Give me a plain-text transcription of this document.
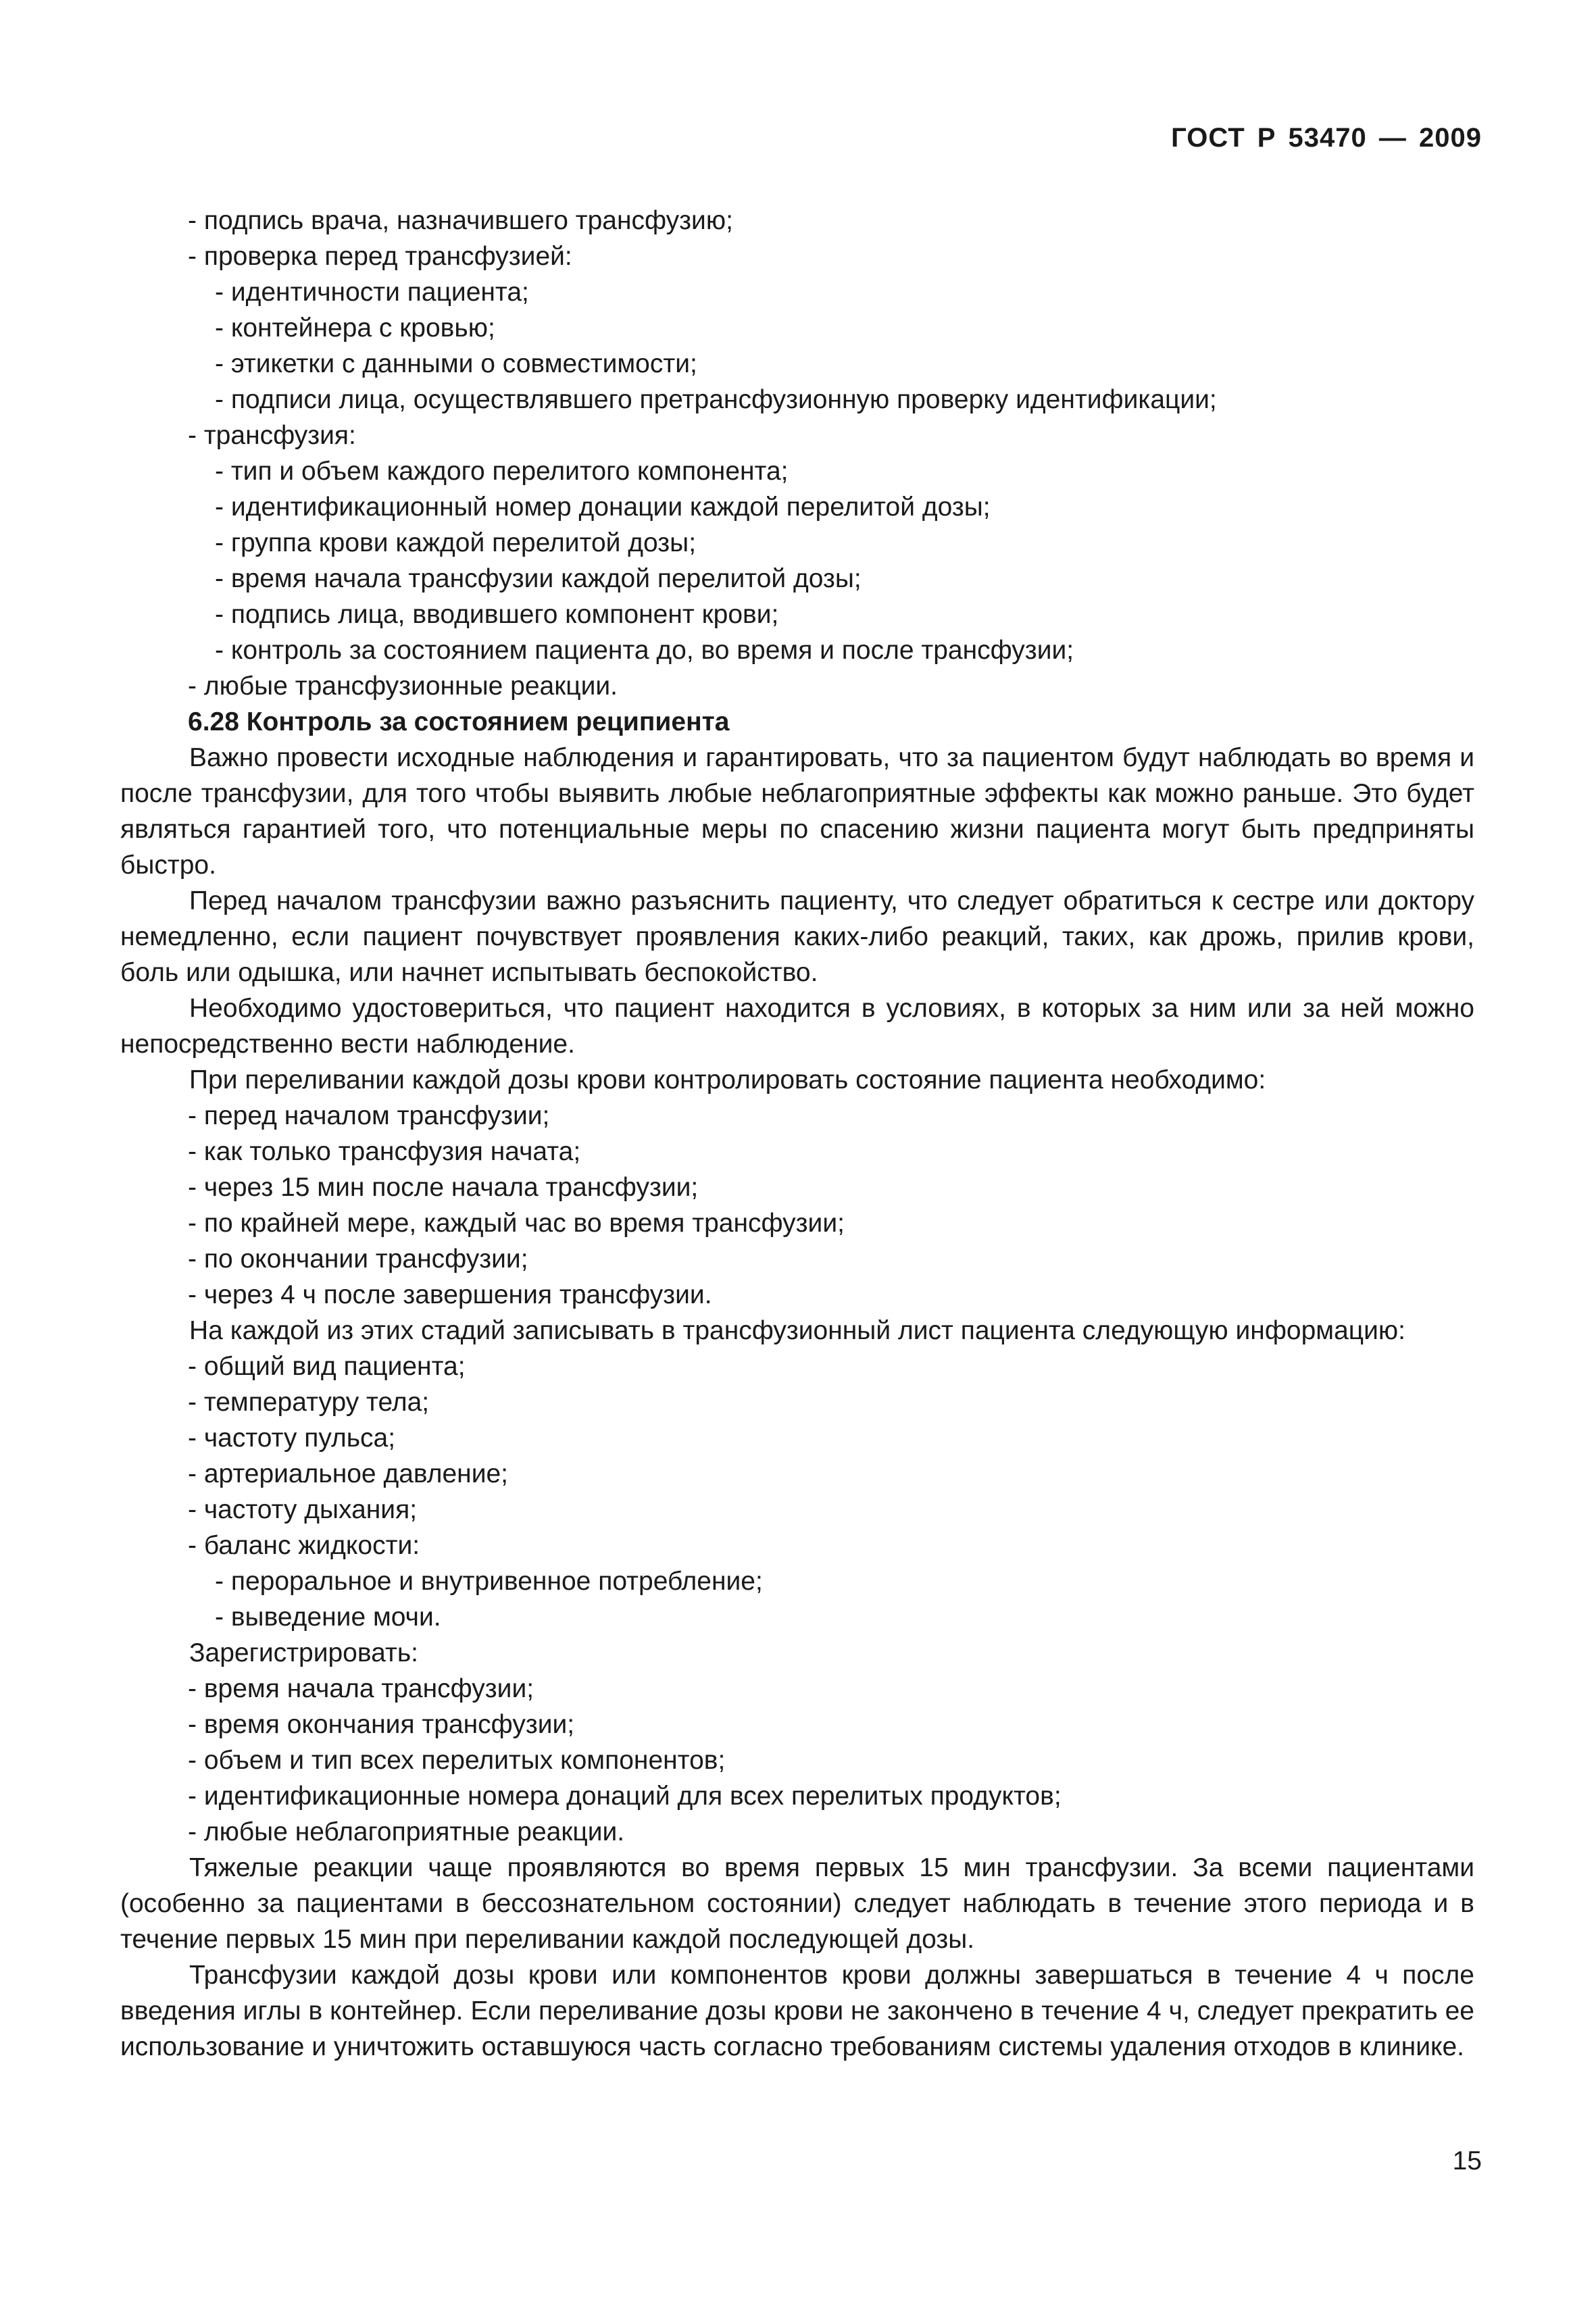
ГОСТ Р 53470 — 2009
- подпись врача, назначившего трансфузию;
- проверка перед трансфузией:
- идентичности пациента;
- контейнера с кровью;
- этикетки с данными о совместимости;
- подписи лица, осуществлявшего претрансфузионную проверку идентификации;
- трансфузия:
- тип и объем каждого перелитого компонента;
- идентификационный номер донации каждой перелитой дозы;
- группа крови каждой перелитой дозы;
- время начала трансфузии каждой перелитой дозы;
- подпись лица, вводившего компонент крови;
- контроль за состоянием пациента до, во время и после трансфузии;
- любые трансфузионные реакции.
6.28 Контроль за состоянием реципиента
Важно провести исходные наблюдения и гарантировать, что за пациентом будут наблюдать во время и после трансфузии, для того чтобы выявить любые неблагоприятные эффекты как можно раньше. Это будет являться гарантией того, что потенциальные меры по спасению жизни пациента могут быть предприняты быстро.
Перед началом трансфузии важно разъяснить пациенту, что следует обратиться к сестре или доктору немедленно, если пациент почувствует проявления каких-либо реакций, таких, как дрожь, прилив крови, боль или одышка, или начнет испытывать беспокойство.
Необходимо удостовериться, что пациент находится в условиях, в которых за ним или за ней можно непосредственно вести наблюдение.
При переливании каждой дозы крови контролировать состояние пациента необходимо:
- перед началом трансфузии;
- как только трансфузия начата;
- через 15 мин после начала трансфузии;
- по крайней мере, каждый час во время трансфузии;
- по окончании трансфузии;
- через 4 ч после завершения трансфузии.
На каждой из этих стадий записывать в трансфузионный лист пациента следующую информацию:
- общий вид пациента;
- температуру тела;
- частоту пульса;
- артериальное давление;
- частоту дыхания;
- баланс жидкости:
- пероральное и внутривенное потребление;
- выведение мочи.
Зарегистрировать:
- время начала трансфузии;
- время окончания трансфузии;
- объем и тип всех перелитых компонентов;
- идентификационные номера донаций для всех перелитых продуктов;
- любые неблагоприятные реакции.
Тяжелые реакции чаще проявляются во время первых 15 мин трансфузии. За всеми пациентами (особенно за пациентами в бессознательном состоянии) следует наблюдать в течение этого периода и в течение первых 15 мин при переливании каждой последующей дозы.
Трансфузии каждой дозы крови или компонентов крови должны завершаться в течение 4 ч после введения иглы в контейнер. Если переливание дозы крови не закончено в течение 4 ч, следует прекратить ее использование и уничтожить оставшуюся часть согласно требованиям системы удаления отходов в клинике.
15
